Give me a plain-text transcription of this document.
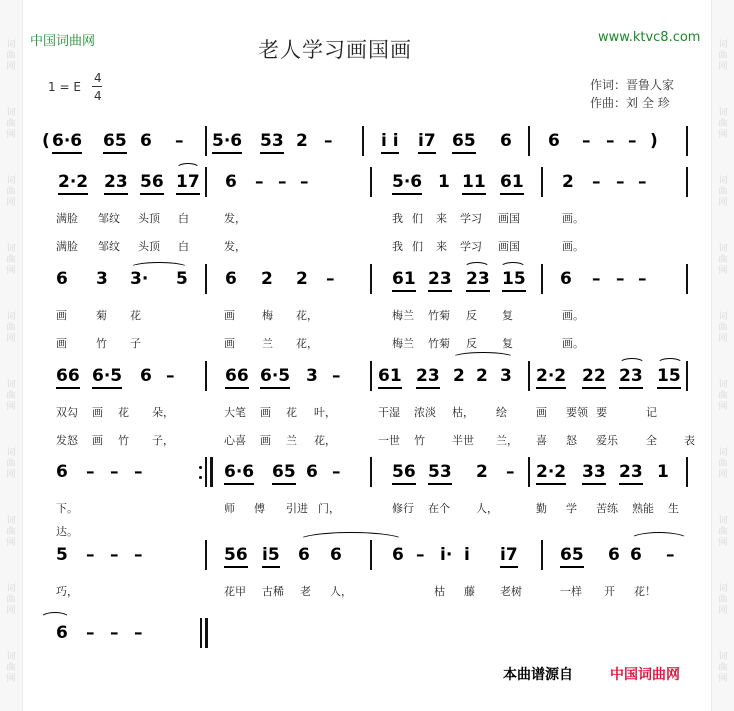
中国词曲网	www.ktvc8.com
老人学习画国画
1 = E
4
4
作词：晋鲁人家
作曲：刘 全 珍
( 6·6 65 6 – 5·6 53 2 –	i i i7 65 6 6 – – – )
2·2 23 56 17 6 – – –	5·6 1 11 61 2 – – –
满脸 邹纹 头顶 白	发，	我 们 来 学习 画国	画。
满脸 邹纹 头顶 白	发，	我 们 来 学习 画国	画。
6 3 3· 5 6 2 2 –	61 23 23 15 6 – – –
画	菊 花	画 梅 花，	梅兰 竹菊 反 复	画。
画	竹 子	画 兰 花，	梅兰 竹菊 反 复	画。
66 6·5 6 –	66 6·5 3 – 61 23 2 2 3 2·2 22 23 15
双勾 画 花 朵，	大笔 画 花 叶，	干湿 浓淡 枯， 绘	画 要领 要	记
发怒 画 竹 子，	心喜 画 兰 花，	一世 竹 半世 兰， 喜 怒 爱乐	全 表
6 – – –	6·6 65 6 –	56 53 2 – 2·2 33 23 1
下。	师 傅 引进 门，	修行 在个 人，	勤 学 苦练 熟能 生
达。
5 – – –	56 i5 6 6	6 – i· i i7 65 6 6 –
巧，	花甲 古稀 老 人，	枯 藤 老树	一样 开 花！
6 – – –
本曲谱源自	中国词曲网
词
曲
网
词
曲
网
词
曲
网
词
曲
网
词
曲
网
词
曲
网
词
曲
网
词
曲
网
词
曲
网
词
曲
网
词
曲
网
词
曲
网
词
曲
网
词
曲
网
词
曲
网
词
曲
网
词
曲
网
词
曲
网
词
曲
网
词
曲
网
